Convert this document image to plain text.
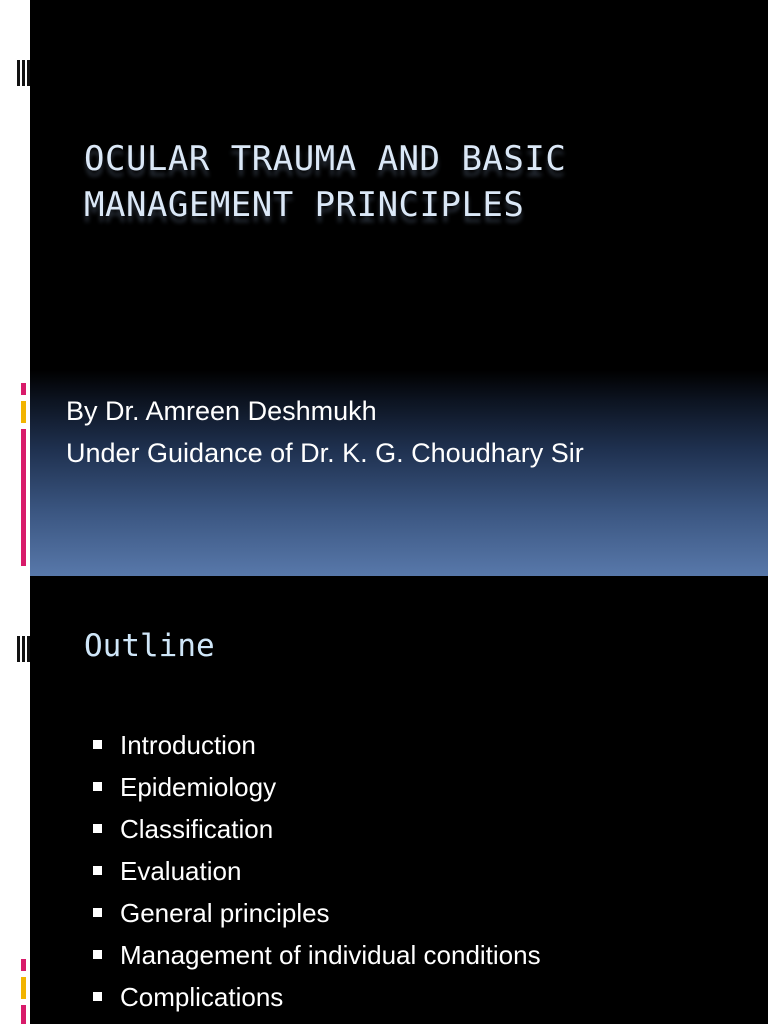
OCULAR TRAUMA AND BASIC
MANAGEMENT PRINCIPLES
By Dr. Amreen Deshmukh
Under Guidance of Dr. K. G. Choudhary Sir
Outline
Introduction
Epidemiology
Classification
Evaluation
General principles
Management of individual conditions
Complications
